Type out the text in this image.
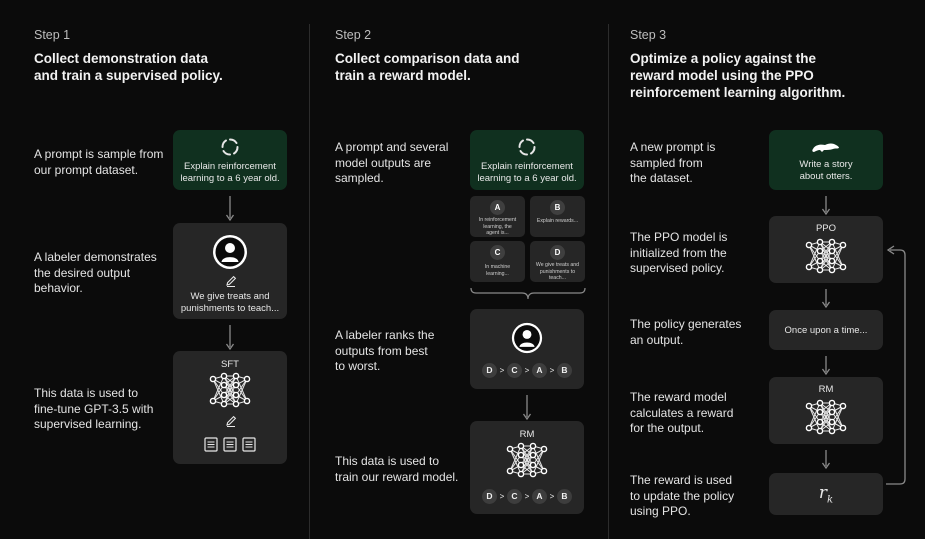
Step 1
Collect demonstration data
and train a supervised policy.
A prompt is sample from
our prompt dataset.
A labeler demonstrates
the desired output
behavior.
This data is used to
fine-tune GPT-3.5 with
supervised learning.
Explain reinforcement
learning to a 6 year old.
We give treats and
punishments to teach...
SFT
Step 2
Collect comparison data and
train a reward model.
A prompt and several
model outputs are
sampled.
A labeler ranks the
outputs from best
to worst.
This data is used to
train our reward model.
Explain reinforcement
learning to a 6 year old.
A
In reinforcement
learning, the
agent is...
B
Explain rewards...
C
In machine
learning...
D
We give treats and
punishments to
teach...
D > C > A > B
RM
D > C > A > B
Step 3
Optimize a policy against the
reward model using the PPO
reinforcement learning algorithm.
A new prompt is
sampled from
the dataset.
The PPO model is
initialized from the
supervised policy.
The policy generates
an output.
The reward model
calculates a reward
for the output.
The reward is used
to update the policy
using PPO.
Write a story
about otters.
PPO
Once upon a time...
RM
$r_k$
